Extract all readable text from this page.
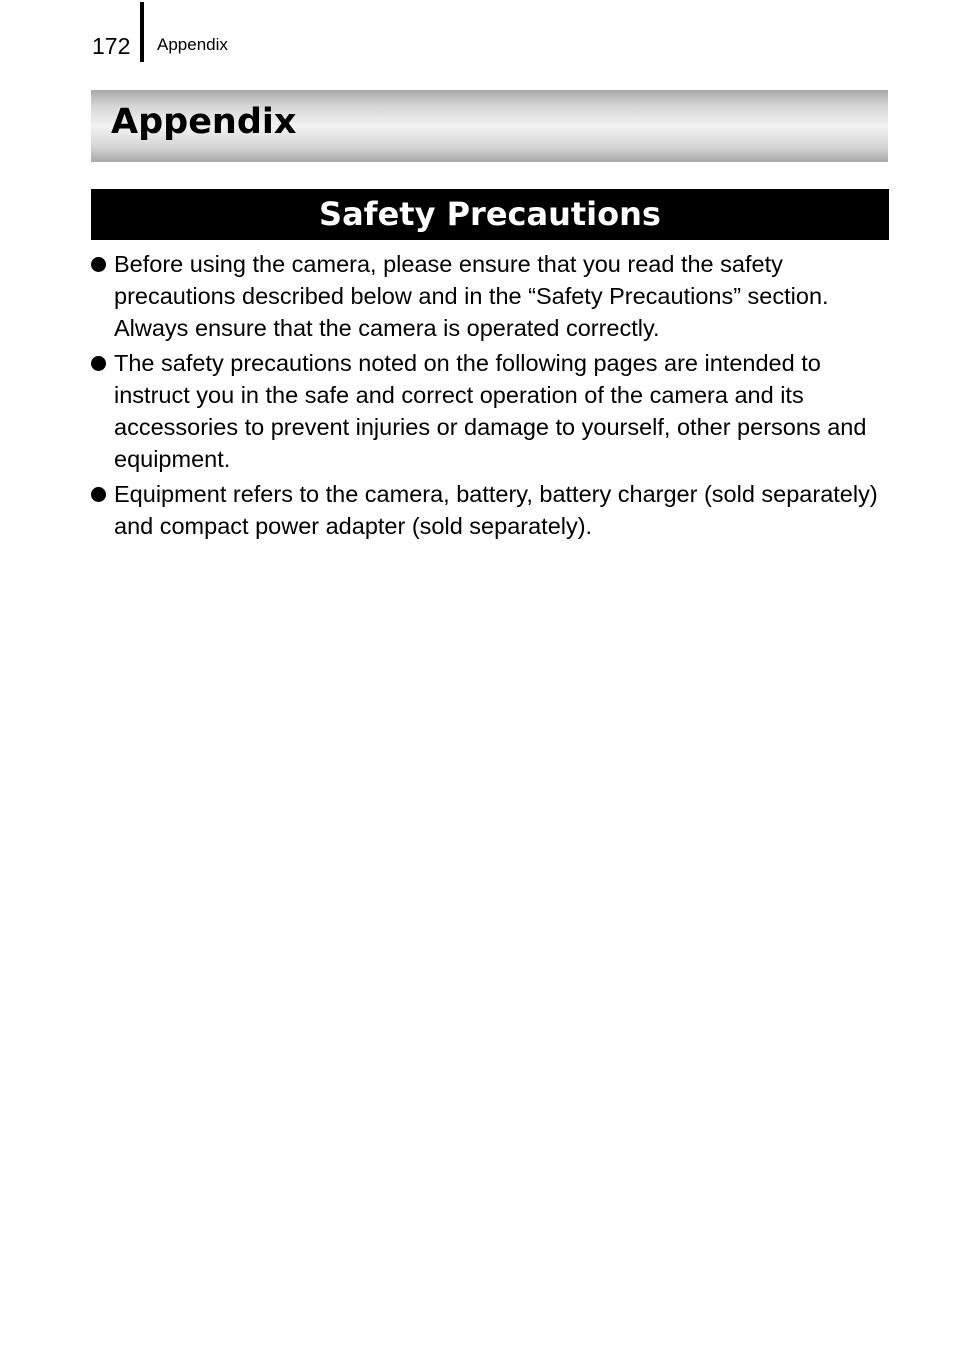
172 Appendix
Appendix
Safety Precautions
Before using the camera, please ensure that you read the safety precautions described below and in the “Safety Precautions” section. Always ensure that the camera is operated correctly.
The safety precautions noted on the following pages are intended to instruct you in the safe and correct operation of the camera and its accessories to prevent injuries or damage to yourself, other persons and equipment.
Equipment refers to the camera, battery, battery charger (sold separately) and compact power adapter (sold separately).
